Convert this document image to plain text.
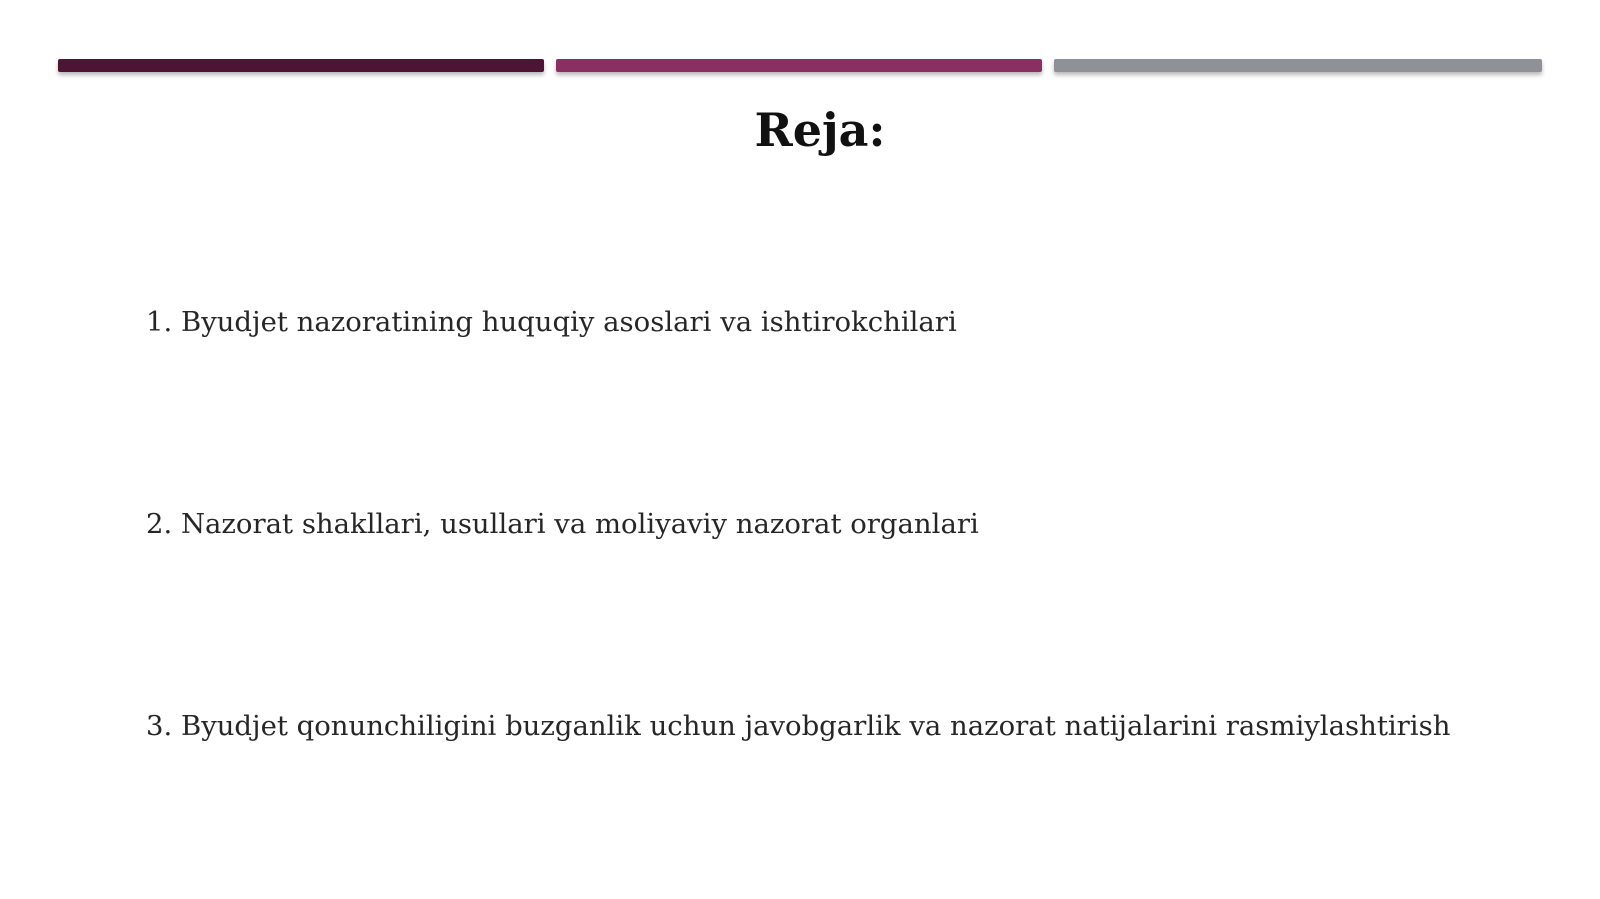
Reja:
1. Byudjet nazoratining huquqiy asoslari va ishtirokchilari
2. Nazorat shakllari, usullari va moliyaviy nazorat organlari
3. Byudjet qonunchiligini buzganlik uchun javobgarlik va nazorat natijalarini rasmiylashtirish
